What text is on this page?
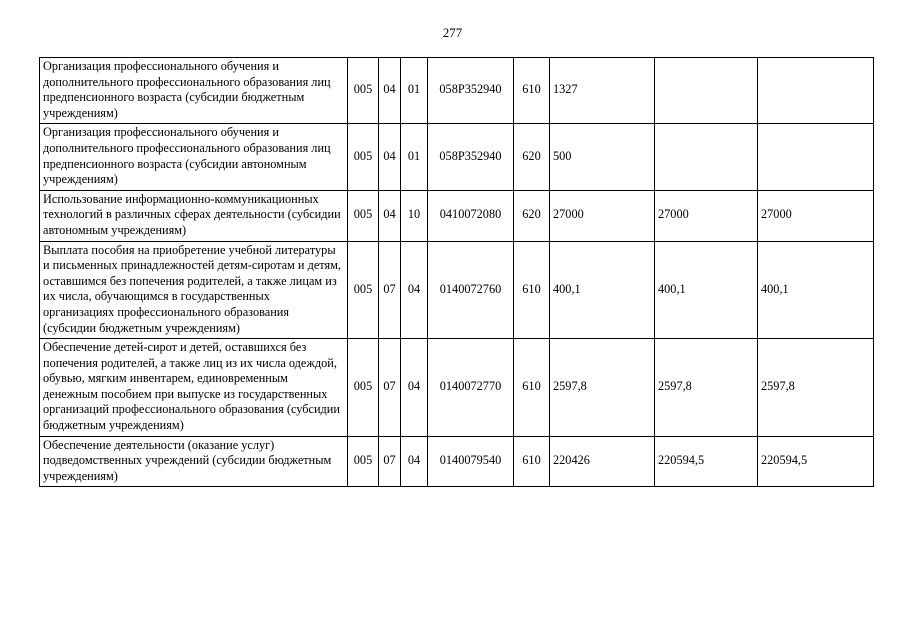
277
Организация профессионального обучения и дополнительного профессионального образования лиц предпенсионного возраста (субсидии бюджетным учреждениям)	005	04	01	058P352940	610	1327		
Организация профессионального обучения и дополнительного профессионального образования лиц предпенсионного возраста (субсидии автономным учреждениям)	005	04	01	058P352940	620	500		
Использование информационно-коммуникационных технологий в различных сферах деятельности (субсидии автономным учреждениям)	005	04	10	0410072080	620	27000	27000	27000
Выплата пособия на приобретение учебной литературы и письменных принадлежностей детям-сиротам и детям, оставшимся без попечения родителей, а также лицам из их числа, обучающимся в государственных организациях профессионального образования (субсидии бюджетным учреждениям)	005	07	04	0140072760	610	400,1	400,1	400,1
Обеспечение детей-сирот и детей, оставшихся без попечения родителей, а также лиц из их числа одеждой, обувью, мягким инвентарем, единовременным денежным пособием при выпуске из государственных организаций профессионального образования (субсидии бюджетным учреждениям)	005	07	04	0140072770	610	2597,8	2597,8	2597,8
Обеспечение деятельности (оказание услуг) подведомственных учреждений (субсидии бюджетным учреждениям)	005	07	04	0140079540	610	220426	220594,5	220594,5
